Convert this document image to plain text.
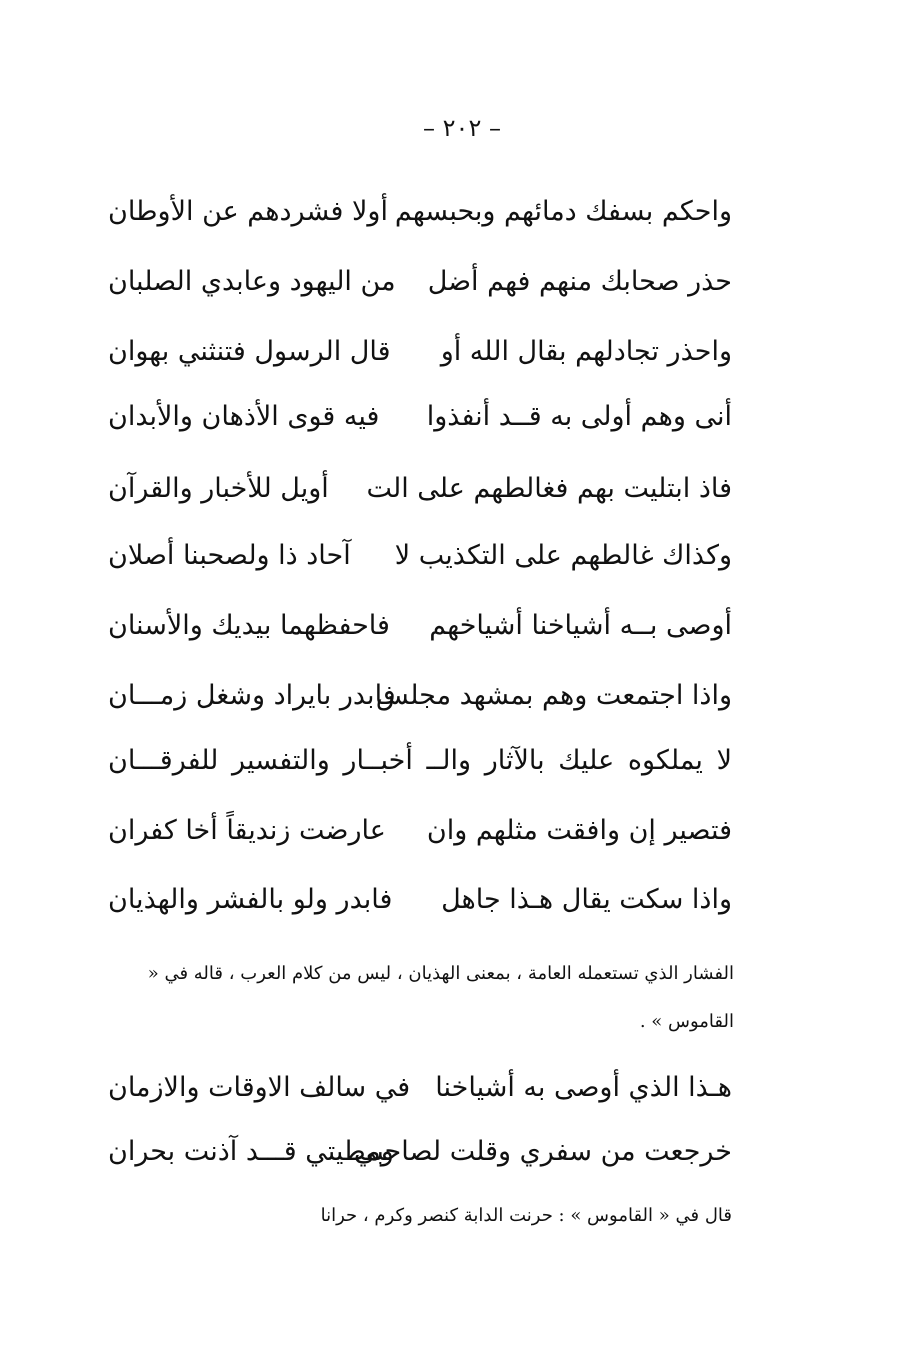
– ٢٠٢ –
واحكم بسفك دمائهم وبحبسهم
أولا فشردهم عن الأوطان
حذر صحابك منهم فهم أضل
من اليهود وعابدي الصلبان
واحذر تجادلهم بقال الله أو
قال الرسول فتنثني بهوان
أنى وهم أولى به قــد أنفذوا
فيه قوى الأذهان والأبدان
فاذ ابتليت بهم فغالطهم على الت
أويل للأخبار والقرآن
وكذاك غالطهم على التكذيب لا
آحاد ذا ولصحبنا أصلان
أوصى بــه أشياخنا أشياخهم
فاحفظهما بيديك والأسنان
واذا اجتمعت وهم بمشهد مجلس
فابدر بايراد وشغل زمـــان
لا يملكوه عليك بالآثار والــ أخبــار والتفسير للفرقـــان
فتصير إن وافقت مثلهم وان
عارضت زنديقاً أخا كفران
واذا سكت يقال هـذا جاهل
فابدر ولو بالفشر والهذيان
الفشار الذي تستعمله العامة ، بمعنى الهذيان ، ليس من كلام العرب ، قاله في « القاموس » .
هـذا الذي أوصى به أشياخنا
في سالف الاوقات والازمان
خرجعت من سفري وقلت لصاحبي
ومطيتي قـــد آذنت بحران
قال في « القاموس » : حرنت الدابة كنصر وكرم ، حرانا
